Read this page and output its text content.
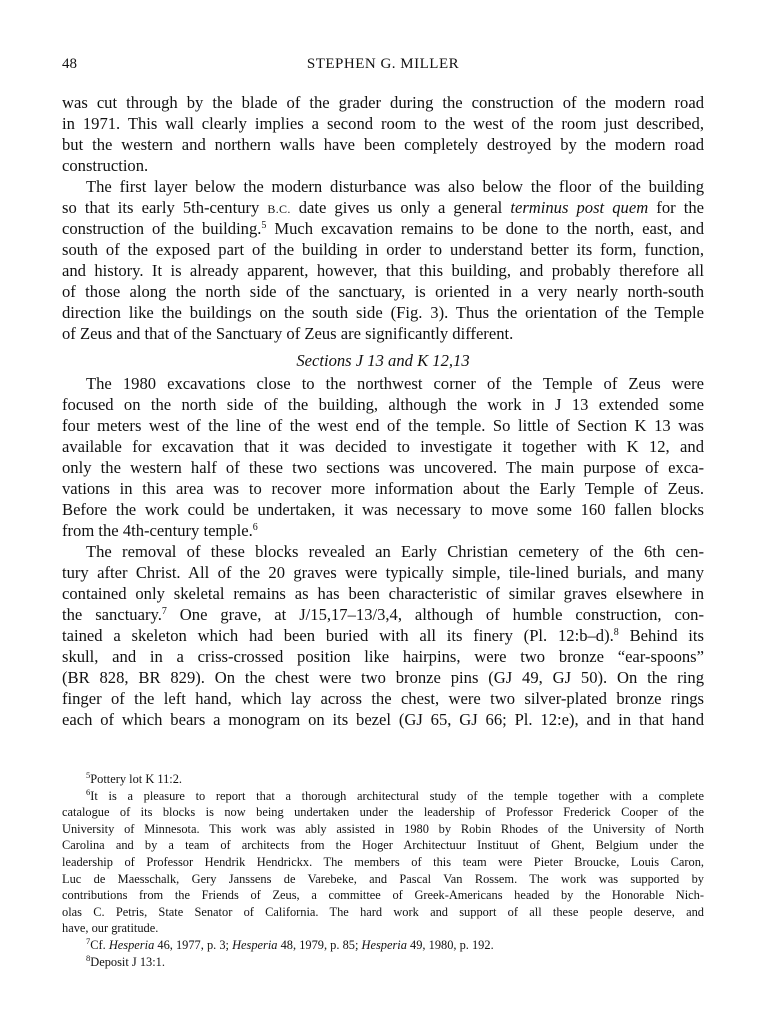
48	STEPHEN G. MILLER
was cut through by the blade of the grader during the construction of the modern road
in 1971. This wall clearly implies a second room to the west of the room just described,
but the western and northern walls have been completely destroyed by the modern road
construction.
The first layer below the modern disturbance was also below the floor of the building
so that its early 5th-century B.C. date gives us only a general terminus post quem for the
construction of the building.$^5$ Much excavation remains to be done to the north, east, and
south of the exposed part of the building in order to understand better its form, function,
and history. It is already apparent, however, that this building, and probably therefore all
of those along the north side of the sanctuary, is oriented in a very nearly north-south
direction like the buildings on the south side (Fig. 3). Thus the orientation of the Temple
of Zeus and that of the Sanctuary of Zeus are significantly different.
Sections J 13 and K 12,13
The 1980 excavations close to the northwest corner of the Temple of Zeus were
focused on the north side of the building, although the work in J 13 extended some
four meters west of the line of the west end of the temple. So little of Section K 13 was
available for excavation that it was decided to investigate it together with K 12, and
only the western half of these two sections was uncovered. The main purpose of exca-
vations in this area was to recover more information about the Early Temple of Zeus.
Before the work could be undertaken, it was necessary to move some 160 fallen blocks
from the 4th-century temple.$^6$
The removal of these blocks revealed an Early Christian cemetery of the 6th cen-
tury after Christ. All of the 20 graves were typically simple, tile-lined burials, and many
contained only skeletal remains as has been characteristic of similar graves elsewhere in
the sanctuary.$^7$ One grave, at J/15,17–13/3,4, although of humble construction, con-
tained a skeleton which had been buried with all its finery (Pl. 12:b–d).$^8$ Behind its
skull, and in a criss-crossed position like hairpins, were two bronze “ear-spoons”
(BR 828, BR 829). On the chest were two bronze pins (GJ 49, GJ 50). On the ring
finger of the left hand, which lay across the chest, were two silver-plated bronze rings
each of which bears a monogram on its bezel (GJ 65, GJ 66; Pl. 12:e), and in that hand
$^5$Pottery lot K 11:2.
$^6$It is a pleasure to report that a thorough architectural study of the temple together with a complete
catalogue of its blocks is now being undertaken under the leadership of Professor Frederick Cooper of the
University of Minnesota. This work was ably assisted in 1980 by Robin Rhodes of the University of North
Carolina and by a team of architects from the Hoger Architectuur Instituut of Ghent, Belgium under the
leadership of Professor Hendrik Hendrickx. The members of this team were Pieter Broucke, Louis Caron,
Luc de Maesschalk, Gery Janssens de Varebeke, and Pascal Van Rossem. The work was supported by
contributions from the Friends of Zeus, a committee of Greek-Americans headed by the Honorable Nich-
olas C. Petris, State Senator of California. The hard work and support of all these people deserve, and
have, our gratitude.
$^7$Cf. Hesperia 46, 1977, p. 3; Hesperia 48, 1979, p. 85; Hesperia 49, 1980, p. 192.
$^8$Deposit J 13:1.
